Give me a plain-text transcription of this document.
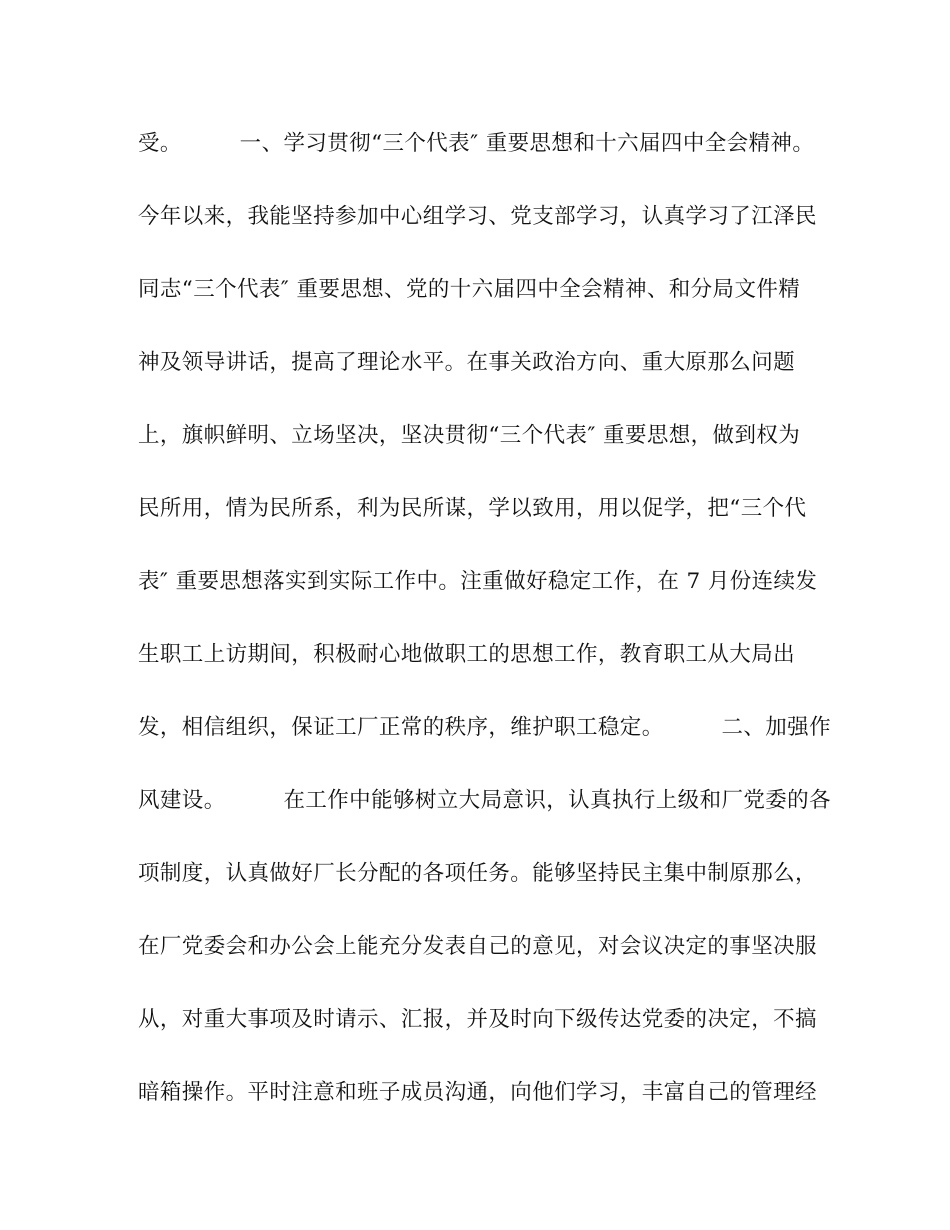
受。        一、学习贯彻“三个代表″ 重要思想和十六届四中全会精神。
今年以来，我能坚持参加中心组学习、党支部学习，认真学习了江泽民
同志“三个代表″ 重要思想、党的十六届四中全会精神、和分局文件精
神及领导讲话，提高了理论水平。在事关政治方向、重大原那么问题
上，旗帜鲜明、立场坚决，坚决贯彻“三个代表″ 重要思想，做到权为
民所用，情为民所系，利为民所谋，学以致用，用以促学，把“三个代
表″ 重要思想落实到实际工作中。注重做好稳定工作，在 7 月份连续发
生职工上访期间，积极耐心地做职工的思想工作，教育职工从大局出
发，相信组织，保证工厂正常的秩序，维护职工稳定。        二、加强作
风建设。        在工作中能够树立大局意识，认真执行上级和厂党委的各
项制度，认真做好厂长分配的各项任务。能够坚持民主集中制原那么，
在厂党委会和办公会上能充分发表自己的意见，对会议决定的事坚决服
从，对重大事项及时请示、汇报，并及时向下级传达党委的决定，不搞
暗箱操作。平时注意和班子成员沟通，向他们学习，丰富自己的管理经
